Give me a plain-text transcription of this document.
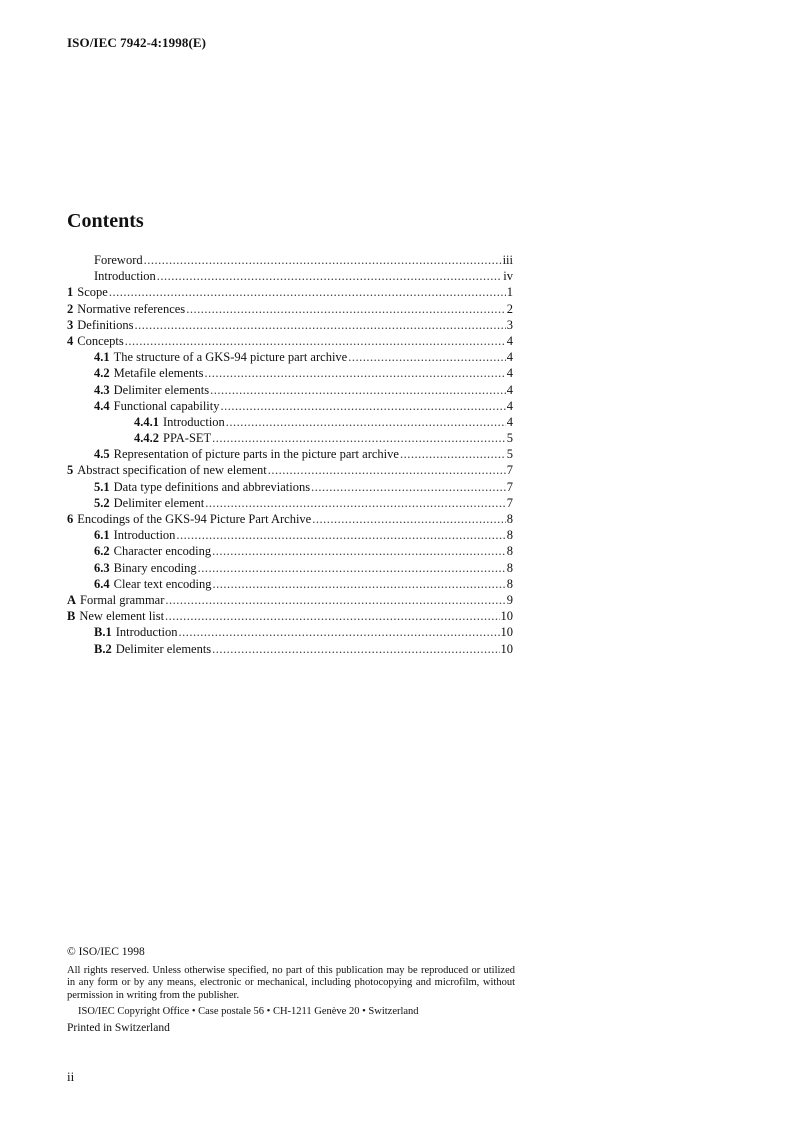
ISO/IEC 7942-4:1998(E)
Contents
Foreword .....	iii
Introduction .....	iv
1 Scope .....	1
2 Normative references .....	2
3 Definitions .....	3
4 Concepts .....	4
4.1 The structure of a GKS-94 picture part archive .....	4
4.2 Metafile elements .....	4
4.3 Delimiter elements .....	4
4.4 Functional capability .....	4
4.4.1 Introduction .....	4
4.4.2 PPA-SET .....	5
4.5 Representation of picture parts in the picture part archive .....	5
5 Abstract specification of new element .....	7
5.1 Data type definitions and abbreviations .....	7
5.2 Delimiter element .....	7
6 Encodings of the GKS-94 Picture Part Archive .....	8
6.1 Introduction .....	8
6.2 Character encoding .....	8
6.3 Binary encoding .....	8
6.4 Clear text encoding .....	8
A Formal grammar .....	9
B New element list .....	10
B.1 Introduction .....	10
B.2 Delimiter elements .....	10
© ISO/IEC 1998
All rights reserved. Unless otherwise specified, no part of this publication may be reproduced or utilized in any form or by any means, electronic or mechanical, including photocopying and microfilm, without permission in writing from the publisher.
ISO/IEC Copyright Office • Case postale 56 • CH-1211 Genève 20 • Switzerland
Printed in Switzerland
ii
